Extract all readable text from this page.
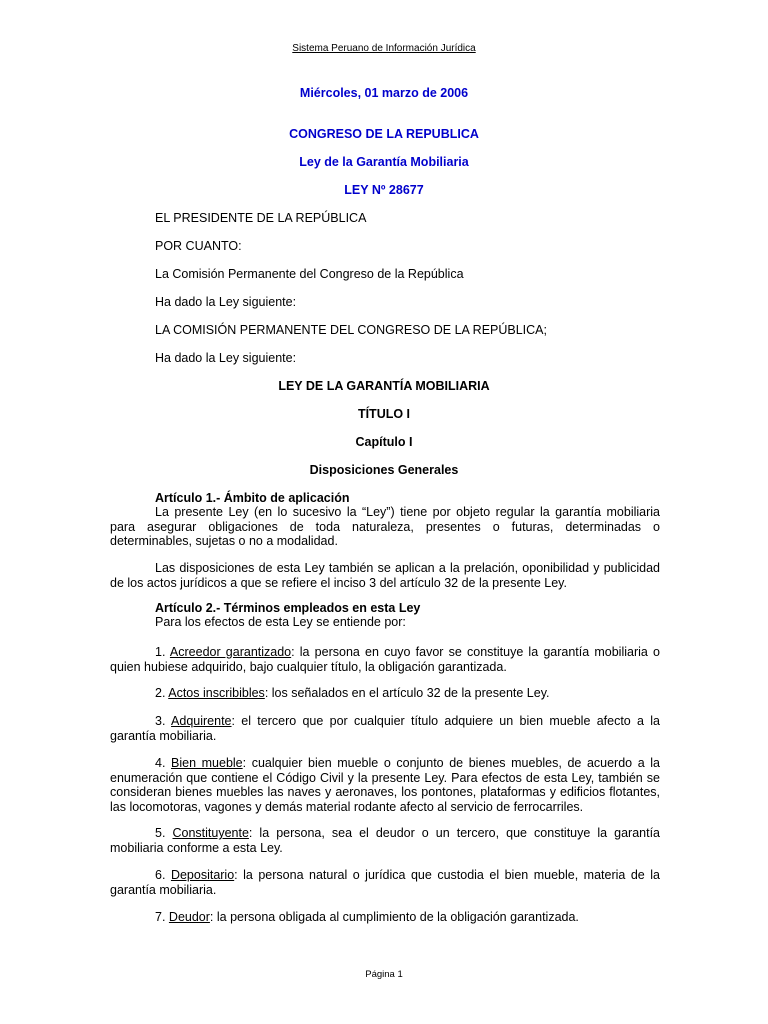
Sistema Peruano de Información Jurídica
Miércoles, 01 marzo de 2006
CONGRESO DE LA REPUBLICA
Ley de la Garantía Mobiliaria
LEY Nº 28677
EL PRESIDENTE DE LA REPÚBLICA
POR CUANTO:
La Comisión Permanente del Congreso de la República
Ha dado la Ley siguiente:
LA COMISIÓN PERMANENTE DEL CONGRESO DE LA REPÚBLICA;
Ha dado la Ley siguiente:
LEY DE LA GARANTÍA MOBILIARIA
TÍTULO I
Capítulo I
Disposiciones Generales
Artículo 1.- Ámbito de aplicación
La presente Ley (en lo sucesivo la “Ley”) tiene por objeto regular la garantía mobiliaria para asegurar obligaciones de toda naturaleza, presentes o futuras, determinadas o determinables, sujetas o no a modalidad.
Las disposiciones de esta Ley también se aplican a la prelación, oponibilidad y publicidad de los actos jurídicos a que se refiere el inciso 3 del artículo 32 de la presente Ley.
Artículo 2.- Términos empleados en esta Ley
Para los efectos de esta Ley se entiende por:
1. Acreedor garantizado: la persona en cuyo favor se constituye la garantía mobiliaria o quien hubiese adquirido, bajo cualquier título, la obligación garantizada.
2. Actos inscribibles: los señalados en el artículo 32 de la presente Ley.
3. Adquirente: el tercero que por cualquier título adquiere un bien mueble afecto a la garantía mobiliaria.
4. Bien mueble: cualquier bien mueble o conjunto de bienes muebles, de acuerdo a la enumeración que contiene el Código Civil y la presente Ley. Para efectos de esta Ley, también se consideran bienes muebles las naves y aeronaves, los pontones, plataformas y edificios flotantes, las locomotoras, vagones y demás material rodante afecto al servicio de ferrocarriles.
5. Constituyente: la persona, sea el deudor o un tercero, que constituye la garantía mobiliaria conforme a esta Ley.
6. Depositario: la persona natural o jurídica que custodia el bien mueble, materia de la garantía mobiliaria.
7. Deudor: la persona obligada al cumplimiento de la obligación garantizada.
Página 1
